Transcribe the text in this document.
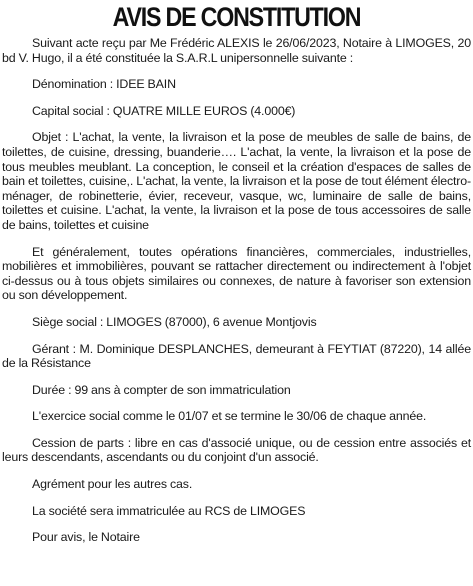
AVIS DE CONSTITUTION

Suivant acte reçu par Me Frédéric ALEXIS le 26/06/2023, Notaire à LIMOGES, 20 bd V. Hugo, il a été constituée la S.A.R.L unipersonnelle suivante :

Dénomination : IDEE BAIN

Capital social : QUATRE MILLE EUROS (4.000€)

Objet : L'achat, la vente, la livraison et la pose de meubles de salle de bains, de toilettes, de cuisine, dressing, buanderie…. L'achat, la vente, la livraison et la pose de tous meubles meublant. La conception, le conseil et la création d'espaces de salles de bain et toilettes, cuisine,. L'achat, la vente, la livraison et la pose de tout élément électro-ménager, de robinetterie, évier, receveur, vasque, wc, luminaire de salle de bains, toilettes et cuisine. L'achat, la vente, la livraison et la pose de tous accessoires de salle de bains, toilettes et cuisine

Et généralement, toutes opérations financières, commerciales, industrielles, mobilières et immobilières, pouvant se rattacher directement ou indirectement à l'objet ci-dessus ou à tous objets similaires ou connexes, de nature à favoriser son extension ou son développement.

Siège social : LIMOGES (87000), 6 avenue Montjovis

Gérant : M. Dominique DESPLANCHES, demeurant à FEYTIAT (87220), 14 allée de la Résistance

Durée : 99 ans à compter de son immatriculation

L'exercice social comme le 01/07 et se termine le 30/06 de chaque année.

Cession de parts : libre en cas d'associé unique, ou de cession entre associés et leurs descendants, ascendants ou du conjoint d'un associé.

Agrément pour les autres cas.

La société sera immatriculée au RCS de LIMOGES

Pour avis, le Notaire
